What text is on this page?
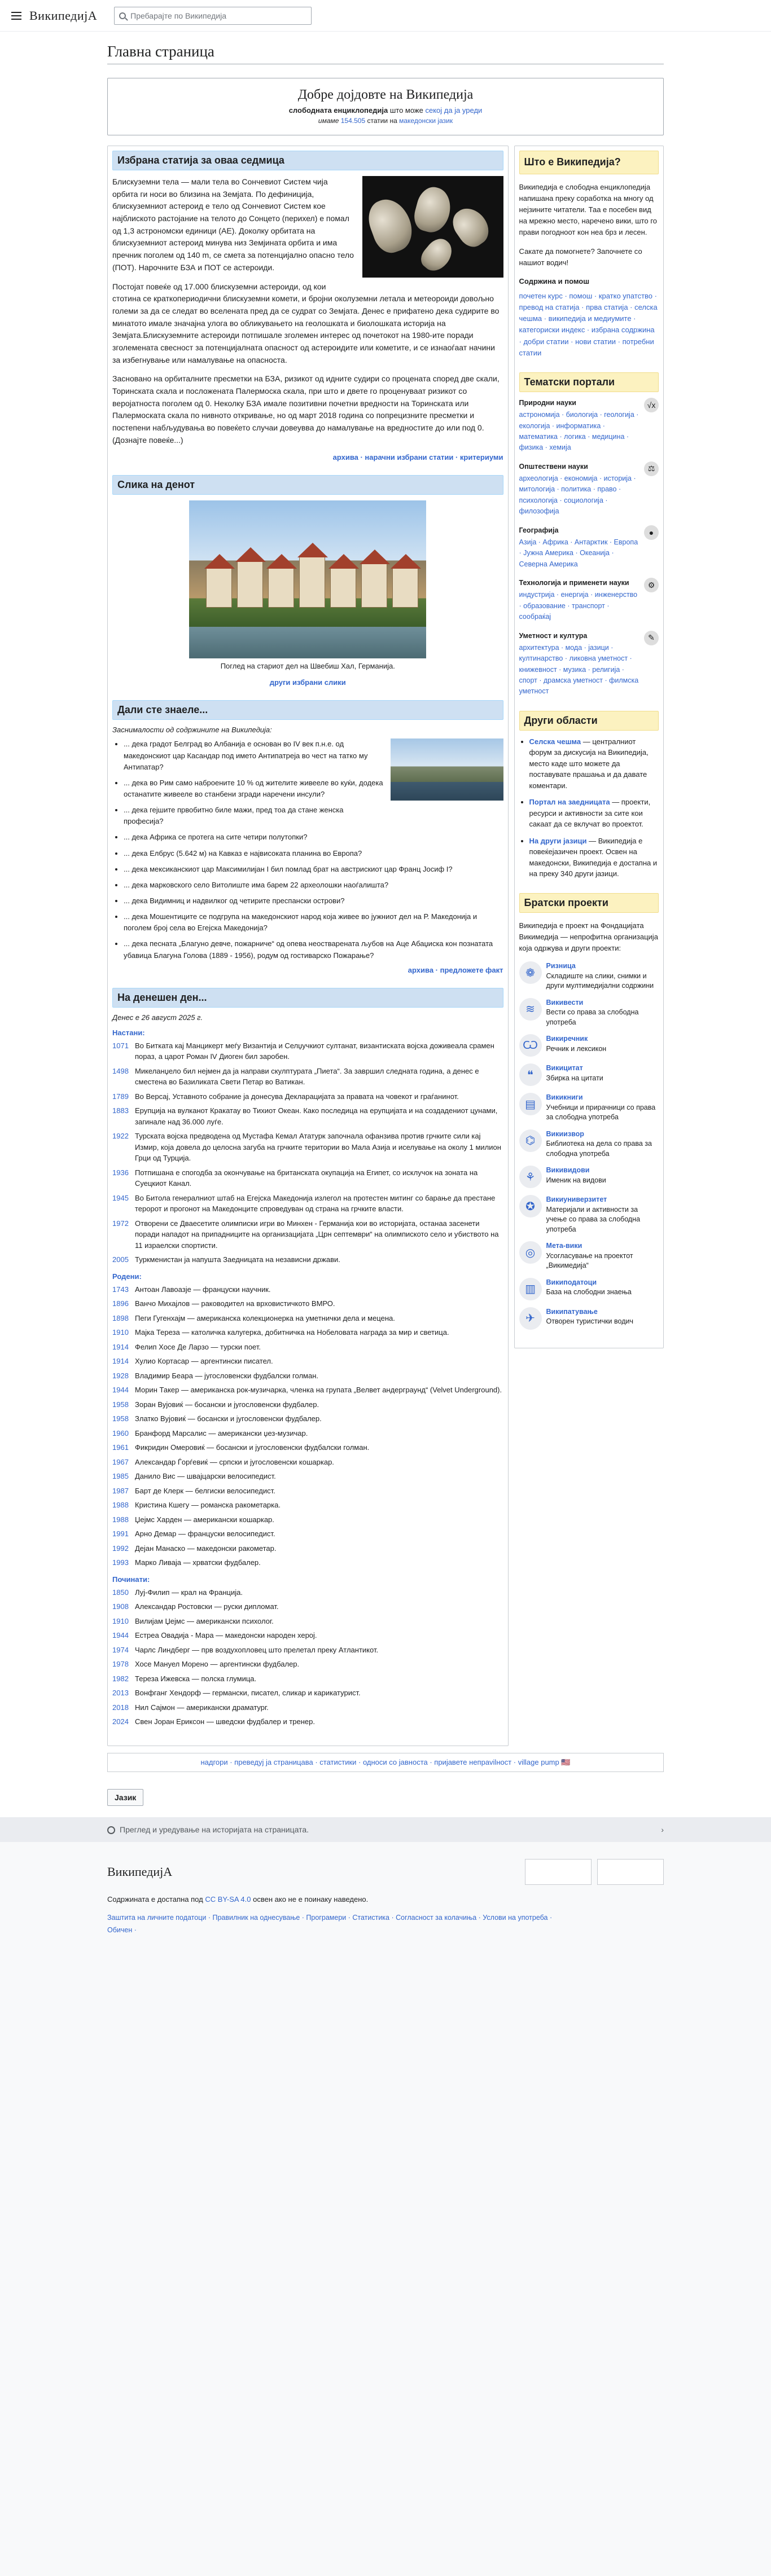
ВикипедијА	Пребарајте по Википедија
Главна страница
Добре дојдовте на Википедија
слободната енциклопедија што може секој да ја уреди
имаме 154.505 статии на македонски јазик
Избрана статија за оваа седмица

Блискуземни тела — мали тела во Сончевиот Систем чија орбита ги носи во близина на Земјата. По дефиниција, блискуземниот астероид е тело од Сончевиот Систем кое најблиското растојание на телото до Сонцето (перихел) е помал од 1,3 астрономски единици (АЕ). Доколку орбитата на блискуземниот астероид минува низ Земјината орбита и има пречник поголем од 140 m, се смета за потенцијално опасно тело (ПОТ). Нарочните БЗА и ПОТ се астероиди.

Постојат повеќе од 17.000 блискуземни астероиди, од кои стотина се краткопериодични блискуземни комети, и бројни околуземни летала и метеороиди довољно големи за да се следат во вселената пред да се судрат со Земјата. Денес е прифатено дека судирите во минатото имале значајна улога во обликувањето на геолошката и биолошката историја на Земјата.Блискуземните астероиди потпишале зголемен интерес од почетокот на 1980-ите поради зголемената свесност за потенцијалната опасност од астероидите или кометите, и се изнаоѓаат начини за избегнување или намалување на опасноста.

Засновано на орбиталните пресметки на БЗА, ризикот од идните судири со процената според две скали, Торинската скала и посложената Палермоска скала, при што и двете го проценуваат ризикот со веројатноста поголем од 0. Неколку БЗА имале позитивни почетни вредности на Торинската или Палермоската скала по нивното откривање, но од март 2018 година со попрецизните пресметки и постепени набљудувања во повеќето случаи довеувва до намалување на вредностите до или под 0. (Дознајте повеќе...)

архива · нарачни избрани статии · критериуми
Слика на денот
Поглед на стариот дел на Швебиш Хал, Германија.
други избрани слики
Дали сте знаеле...

Заснималости од содржините на Википедија:

• ... дека градот Белград во Албанија е основан во IV век п.н.е. од македонскиот цар Касандар под името Антипатреја во чест на татко му Антипатар?
• ... дека во Рим само наброените 10 % од жителите живееле во куќи, додека останатите живееле во станбени згради наречени инсули?
• ... дека гејшите првобитно биле мажи, пред тоа да стане женска професија?
• ... дека Африка се протега на сите четири полутопки?
• ... дека Елбрус (5.642 м) на Кавказ е највисоката планина во Европа?
• ... дека мексиканскиот цар Максимилијан I бил помлад брат на австрискиот цар Франц Јосиф I?
• ... дека марковского село Витолиште има барем 22 археолошки наоѓалишта?
• ... дека Видимниц и надвилког од четирите преспански острови?
• ... дека Мошентиците се подгрупа на македонскиот народ која живее во јужниот дел на Р. Македонија и поголем број села во Егејска Македонија?
• ... дека песната „Благуно девче, пожарниче“ од опева неостварената љубов на Аце Абаџиска кон познатата убавица Благуна Голова (1889 - 1956), родум од гостиварско Пожарање?
архива · предложете факт
На денешен ден...

Денес е 26 август 2025 г.

Настани:
1071 Во Битката кај Манцикерт меѓу Византија и Селџучкиот султанат, византиската војска доживеала срамен пораз, а царот Роман IV Диоген бил заробен.
1498 Микеланџело бил нејмен да ја направи скулптурата „Пиета“. За завршил следната година, а денес е сместена во Базиликата Свети Петар во Ватикан.
1789 Во Версај, Уставното собрание ја донесува Декларацијата за правата на човекот и граѓанинот.
1883 Ерупција на вулканот Кракатау во Тихиот Океан. Како последица на ерупцијата и на создадениот цунами, загинале над 36.000 луѓе.
1922 Турската војска предводена од Мустафа Кемал Ататурк започнала офанзива против грчките сили кај Измир, која довела до целосна загуба на грчките територии во Мала Азија и иселување на околу 1 милион Грци од Турција.
1936 Потпишана е спогодба за окончување на британската окупација на Египет, со исклучок на зоната на Суецкиот Канал.
1945 Во Битола генералниот штаб на Егејска Македонија излегол на протестен митинг со барање да престане теророт и прогонот на Македонците спроведуван од страна на грчките власти.
1972 Отворени се Дваесетите олимписки игри во Минхен - Германија кои во историјата, останаа засенети поради нападот на припадниците на организацијата „Црн септември“ на олимпиското село и убиството на 11 израелски спортисти.
2005 Туркменистан ја напушта Заедницата на независни држави.
Родени:
1743 Антоан Лавоазје — француски научник.
1896 Ванчо Михајлов — раководител на врховистичкото ВМРО.
1898 Пеги Гугенхајм — американска колекционерка на уметнички дела и мецена.
1910 Мајка Тереза — католичка калугерка, добитничка на Нобеловата награда за мир и светица.
1914 Фелип Хосе Де Ларзо — турски поет.
1914 Хулио Кортасар — аргентински писател.
1928 Владимир Беара — југословенски фудбалски голман.
1944 Морин Такер — американска рок-музичарка, членка на групата „Велвет андерграунд“ (Velvet Underground).
1958 Зоран Вујовиќ — босански и југословенски фудбалер.
1958 Златко Вујовиќ — босански и југословенски фудбалер.
1960 Бранфорд Марсалис — американски џез-музичар.
1961 Фикридин Омеровиќ — босански и југословенски фудбалски голман.
1967 Александар Ѓорѓевиќ — српски и југословенски кошаркар.
1985 Данило Вис — швајцарски велосипедист.
1987 Барт де Клерк — белгиски велосипедист.
1988 Кристина Кшегу — романска ракометарка.
1988 Џејмс Харден — американски кошаркар.
1991 Арно Демар — француски велосипедист.
1992 Дејан Манаско — македонски ракометар.
1993 Марко Ливаја — хрватски фудбалер.
Починати:
1850 Луј-Филип — крал на Франција.
1908 Александар Ростовски — руски дипломат.
1910 Вилијам Џејмс — американски психолог.
1944 Естреа Овадија - Мара — македонски народен херој.
1974 Чарлс Линдберг — прв воздухопловец што прелетал преку Атлантикот.
1978 Хосе Мануел Морено — аргентински фудбалер.
1982 Тереза Ижевска — полска глумица.
2013 Вонфганг Хендорф — германски, писател, сликар и карикатурист.
2018 Нил Сајмон — американски драматург.
2024 Свен Јоран Ериксон — шведски фудбалер и тренер.
Што е Википедија?

Википедија е слободна енциклопедија напишана преку соработка на многу од нејзините читатели. Таа е посебен вид на мрежно место, наречено вики, што го прави погодноот кон неа брз и лесен.

Сакате да помогнете? Започнете со нашиот водич!

Содржина и помош
почетен курс · помош · кратко упатство · превод на статија · прва статија · селска чешма · википедија и медиумите · категориски индекс · избрана содржина · добри статии · нови статии · потребни статии
Тематски портали
Природни науки
астрономија · биологија · геологија · екологија · информатика · математика · логика · медицина · физика · хемија
√x
Општествени науки
археологија · економија · историја · митологија · политика · право · психологија · социологија · филозофија
⚖
Географија
Азија · Африка · Антарктик · Европа · Јужна Америка · Океанија · Северна Америка
●
Технологија и применети науки
индустрија · енергија · инженерство · образование · транспорт · сообраќај
⚙
Уметност и култура
архитектура · мода · јазици · култинарство · ликовна уметност · книжевност · музика · религија · спорт · драмска уметност · филмска уметност
✎
Други области
• Селска чешма — централниот форум за дискусија на Википедија, место каде што можете да поставувате прашања и да давате коментари.
• Портал на заедницата — проекти, ресурси и активности за сите кои сакаат да се вклучат во проектот.
• На други јазици — Википедија е повеќејазичен проект. Освен на македонски, Википедија е достапна и на преку 340 други јазици.
Братски проекти

Википедија е проект на Фондацијата Викимедија — непрофитна организација која одржува и други проекти:

❁
Ризница
Складиште на слики, снимки и други мултимедијални содржини
≋
Викивести
Вести со права за слободна употреба
Ѡ
Викиречник
Речник и лексикон
❝
Викицитат
Збирка на цитати
▤
Викикниги
Учебници и прирачници со права за слободна употреба
⌬
Викиизвор
Библиотека на дела со права за слободна употреба
⚘
Викивидови
Именик на видови
✪
Викиуниверзитет
Материјали и активности за учење со права за слободна употреба
◎
Мета-вики
Усогласување на проектот „Викимедија“
▥
Википодатоци
База на слободни знаења
✈
Википатување
Отворен туристички водич
надгори · преведуј ја страницава · статистики · односи со јавноста · пријавете непрavilност · village pump 🇺🇸
Јазик
Преглед и уредување на историјата на страницата.	›
ВикипедијА
Содржината е достапна под CC BY-SA 4.0 освен ако не е поинаку наведено.
Заштита на личните податоци · Правилник на однесување · Програмери · Статистика · Согласност за колачиња · Услови на употреба ·
Обичен ·
